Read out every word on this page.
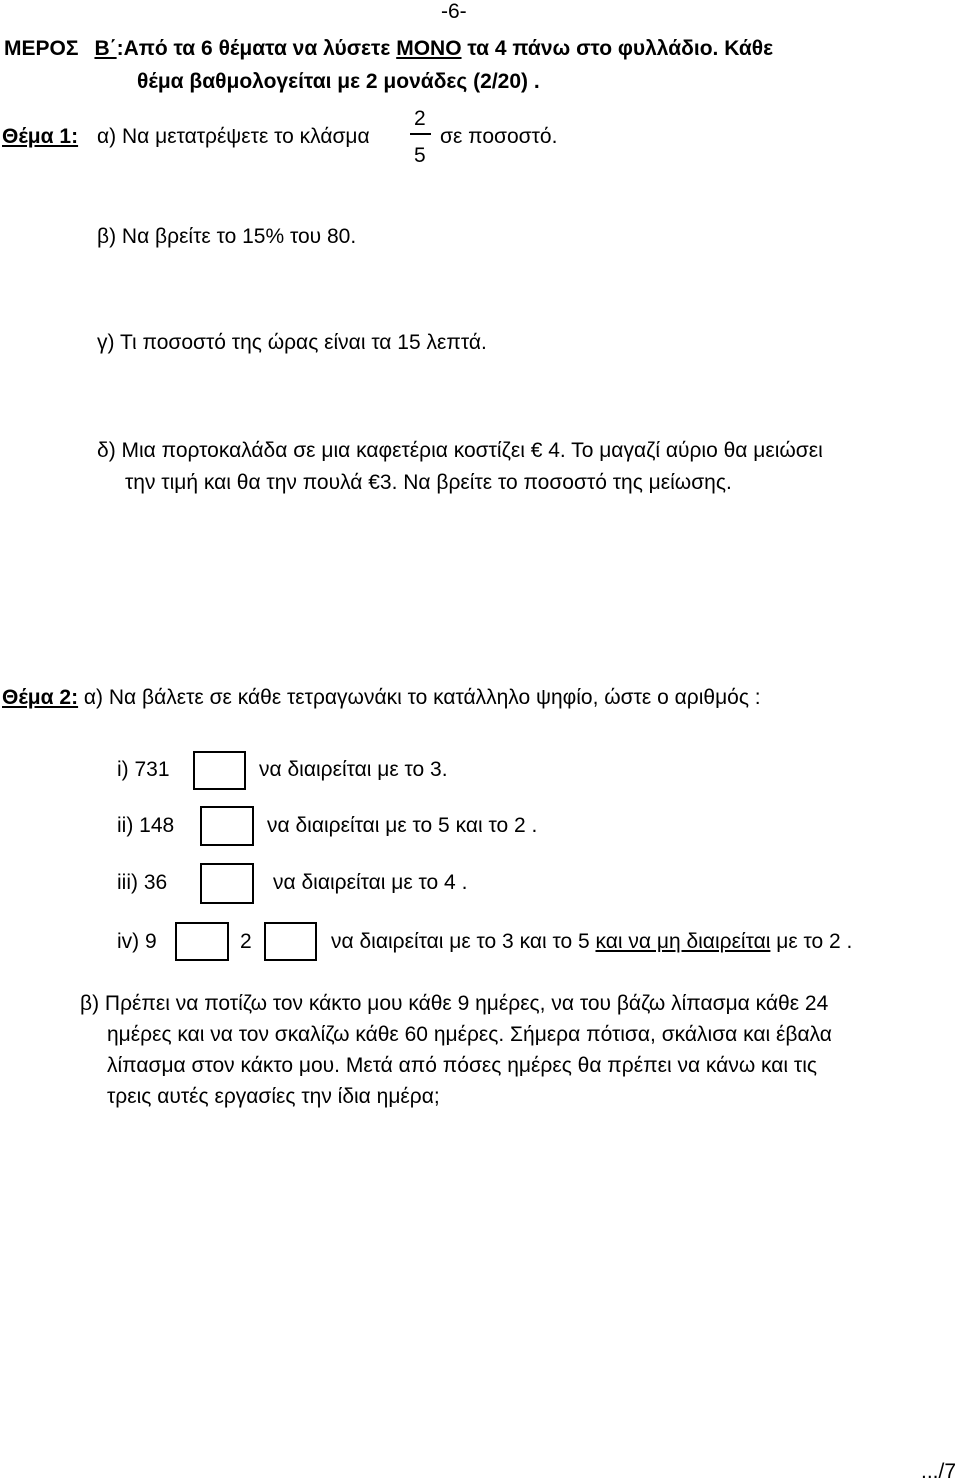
-6-
ΜΕΡΟΣ Β΄:Από τα 6 θέματα να λύσετε ΜΟΝΟ τα 4 πάνω στο φυλλάδιο. Κάθε
θέμα βαθμολογείται με 2 μονάδες (2/20) .
Θέμα 1: α) Να μετατρέψετε το κλάσμα
2
5
σε ποσοστό.
β) Να βρείτε το 15% του 80.
γ) Τι ποσοστό της ώρας είναι τα 15 λεπτά.
δ) Μια πορτοκαλάδα σε μια καφετέρια κοστίζει € 4. Το μαγαζί αύριο θα μειώσει
την τιμή και θα την πουλά €3. Να βρείτε το ποσοστό της μείωσης.
Θέμα 2: α) Να βάλετε σε κάθε τετραγωνάκι το κατάλληλο ψηφίο, ώστε ο αριθμός :
i) 731	να διαιρείται με το 3.
ii) 148	να διαιρείται με το 5 και το 2 .
iii) 36	να διαιρείται με το 4 .
iv) 9	2	να διαιρείται με το 3 και το 5 και να μη διαιρείται με το 2 .
β) Πρέπει να ποτίζω τον κάκτο μου κάθε 9 ημέρες, να του βάζω λίπασμα κάθε 24
ημέρες και να τον σκαλίζω κάθε 60 ημέρες. Σήμερα πότισα, σκάλισα και έβαλα
λίπασμα στον κάκτο μου. Μετά από πόσες ημέρες θα πρέπει να κάνω και τις
τρεις αυτές εργασίες την ίδια ημέρα;
.../7
